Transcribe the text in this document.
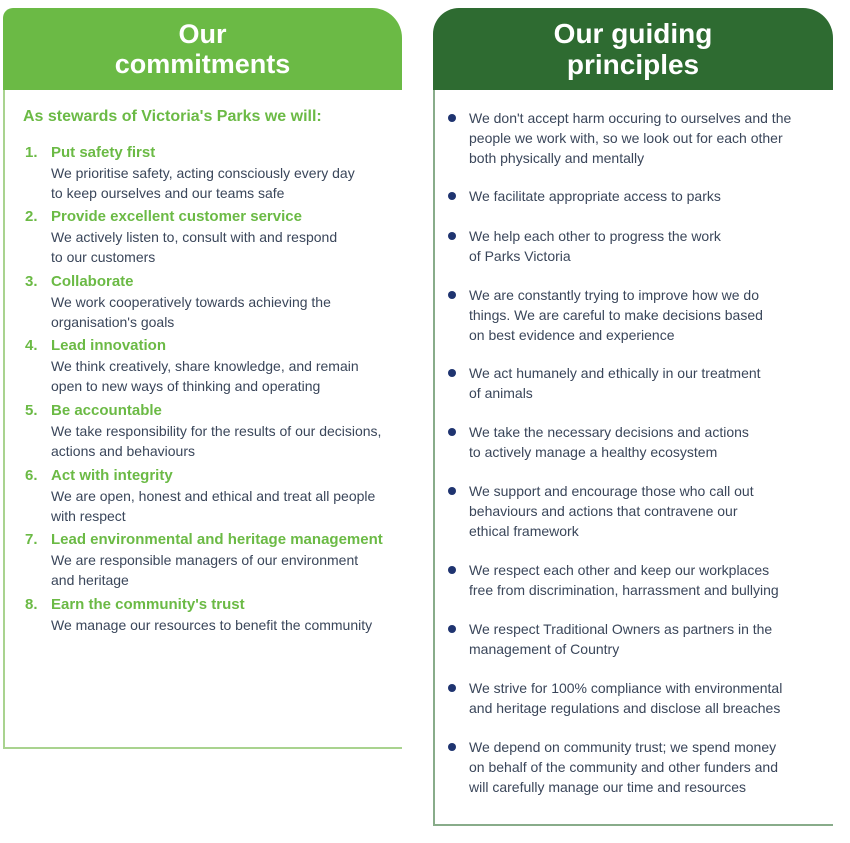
Our
commitments
As stewards of Victoria's Parks we will:
1. Put safety first
We prioritise safety, acting consciously every day
to keep ourselves and our teams safe
2. Provide excellent customer service
We actively listen to, consult with and respond
to our customers
3. Collaborate
We work cooperatively towards achieving the
organisation's goals
4. Lead innovation
We think creatively, share knowledge, and remain
open to new ways of thinking and operating
5. Be accountable
We take responsibility for the results of our decisions,
actions and behaviours
6. Act with integrity
We are open, honest and ethical and treat all people
with respect
7. Lead environmental and heritage management
We are responsible managers of our environment
and heritage
8. Earn the community's trust
We manage our resources to benefit the community
Our guiding
principles
We don't accept harm occuring to ourselves and the
people we work with, so we look out for each other
both physically and mentally
We facilitate appropriate access to parks
We help each other to progress the work
of Parks Victoria
We are constantly trying to improve how we do
things. We are careful to make decisions based
on best evidence and experience
We act humanely and ethically in our treatment
of animals
We take the necessary decisions and actions
to actively manage a healthy ecosystem
We support and encourage those who call out
behaviours and actions that contravene our
ethical framework
We respect each other and keep our workplaces
free from discrimination, harrassment and bullying
We respect Traditional Owners as partners in the
management of Country
We strive for 100% compliance with environmental
and heritage regulations and disclose all breaches
We depend on community trust; we spend money
on behalf of the community and other funders and
will carefully manage our time and resources
